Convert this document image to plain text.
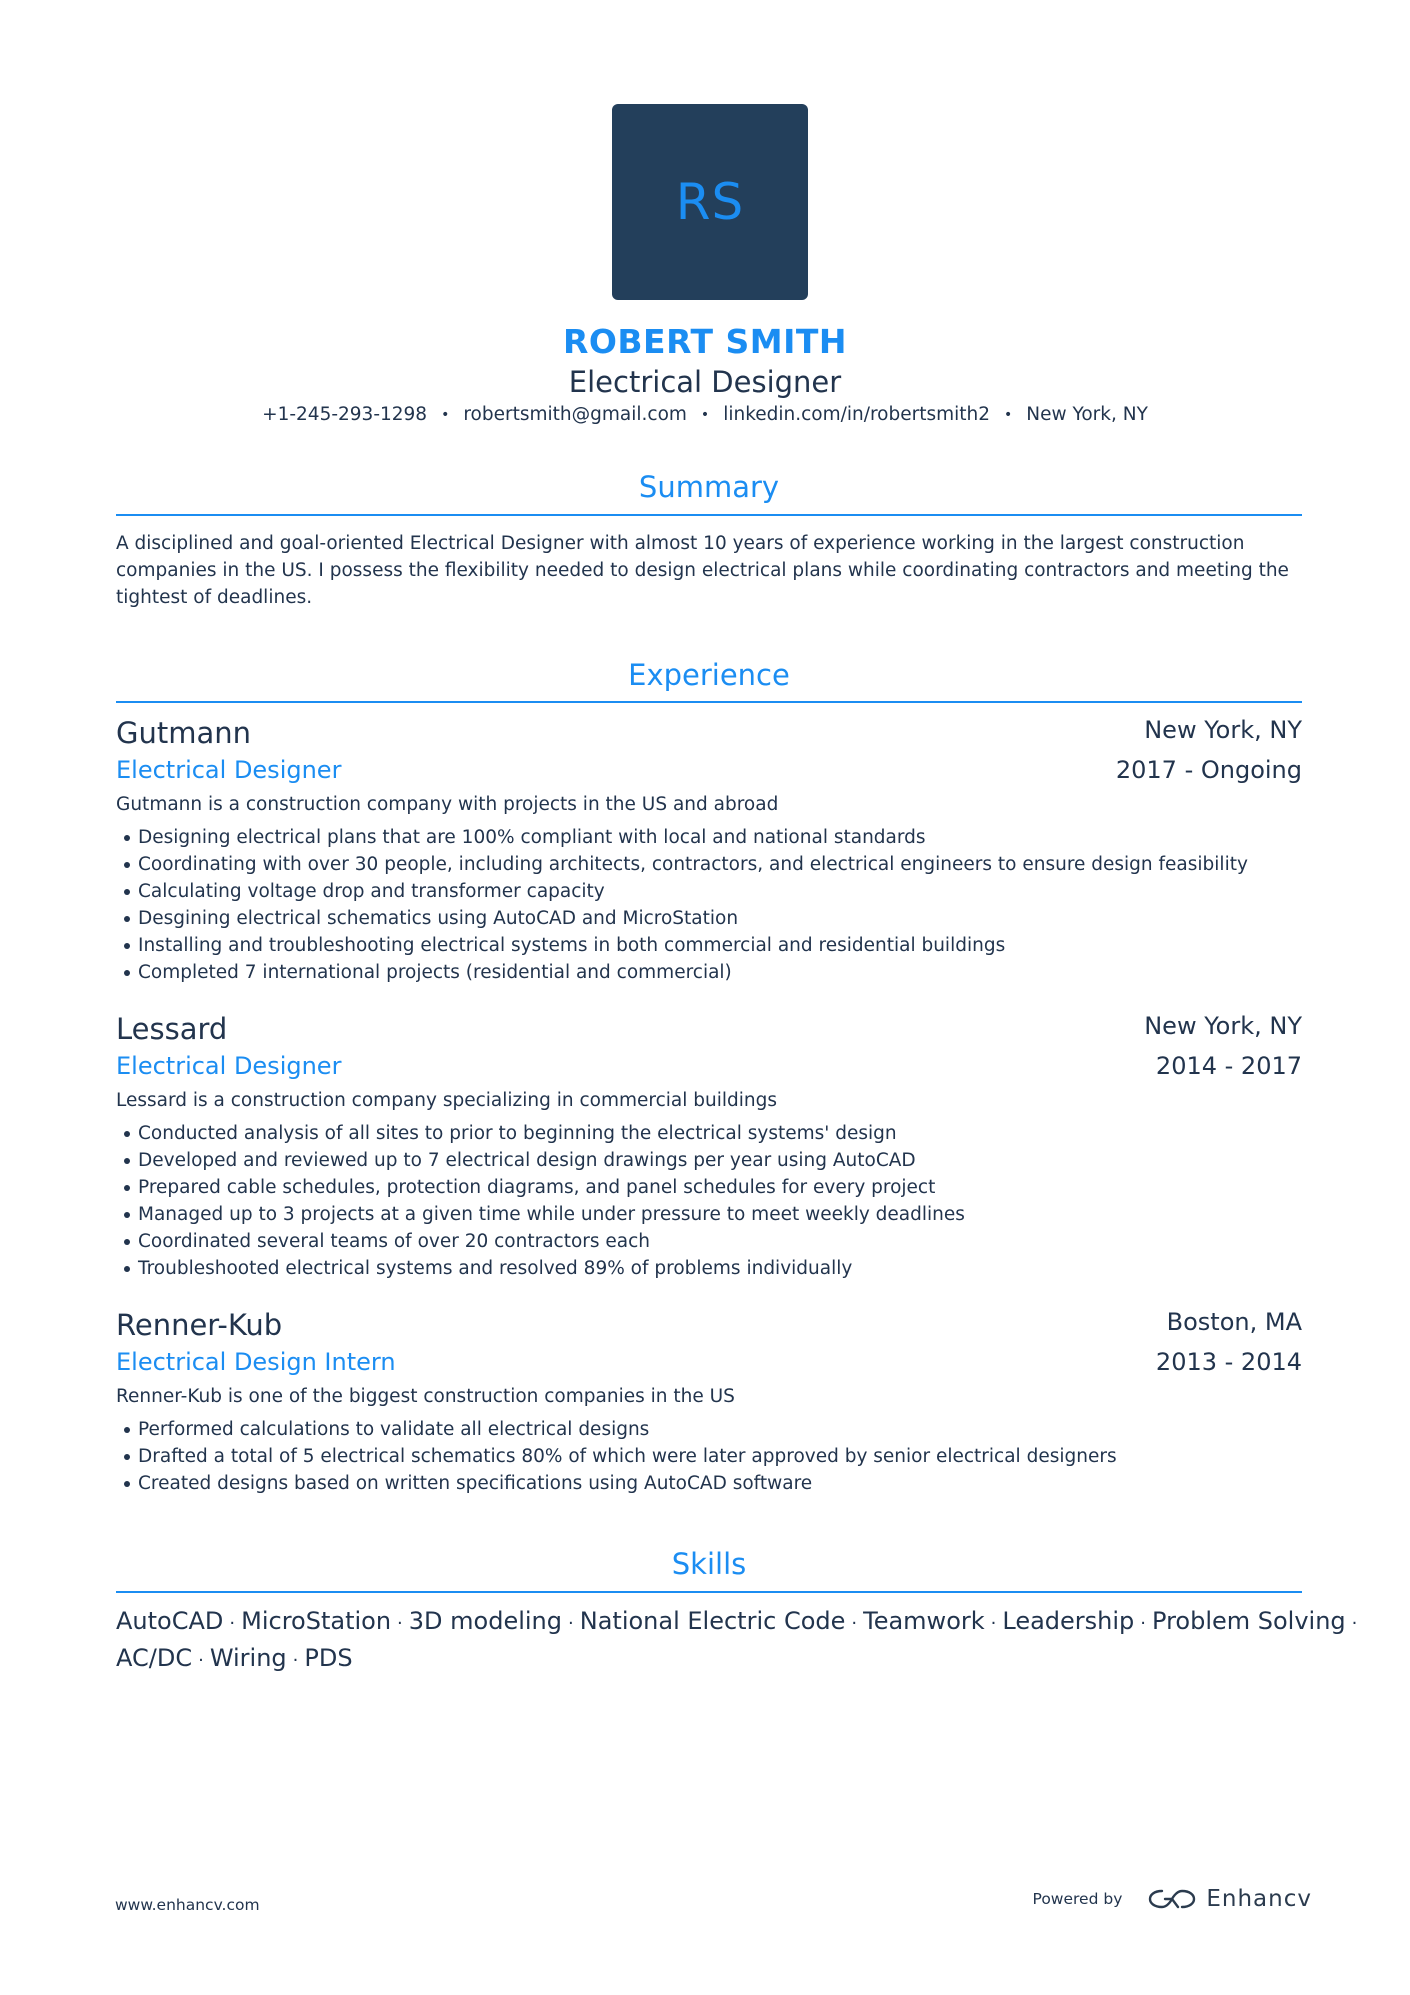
RS
ROBERT SMITH
Electrical Designer
+1-245-293-1298 • robertsmith@gmail.com • linkedin.com/in/robertsmith2 • New York, NY
Summary

A disciplined and goal-oriented Electrical Designer with almost 10 years of experience working in the largest construction companies in the US. I possess the flexibility needed to design electrical plans while coordinating contractors and meeting the tightest of deadlines.

Experience
Gutmann	New York, NY
Electrical Designer	2017 - Ongoing
Gutmann is a construction company with projects in the US and abroad
Designing electrical plans that are 100% compliant with local and national standards
Coordinating with over 30 people, including architects, contractors, and electrical engineers to ensure design feasibility
Calculating voltage drop and transformer capacity
Desgining electrical schematics using AutoCAD and MicroStation
Installing and troubleshooting electrical systems in both commercial and residential buildings
Completed 7 international projects (residential and commercial)
Lessard	New York, NY
Electrical Designer	2014 - 2017
Lessard is a construction company specializing in commercial buildings
Conducted analysis of all sites to prior to beginning the electrical systems' design
Developed and reviewed up to 7 electrical design drawings per year using AutoCAD
Prepared cable schedules, protection diagrams, and panel schedules for every project
Managed up to 3 projects at a given time while under pressure to meet weekly deadlines
Coordinated several teams of over 20 contractors each
Troubleshooted electrical systems and resolved 89% of problems individually
Renner-Kub	Boston, MA
Electrical Design Intern	2013 - 2014
Renner-Kub is one of the biggest construction companies in the US
Performed calculations to validate all electrical designs
Drafted a total of 5 electrical schematics 80% of which were later approved by senior electrical designers
Created designs based on written specifications using AutoCAD software
Skills
AutoCAD · MicroStation · 3D modeling · National Electric Code · Teamwork · Leadership · Problem Solving ·
AC/DC · Wiring · PDS
www.enhancv.com	Powered by	Enhancv
